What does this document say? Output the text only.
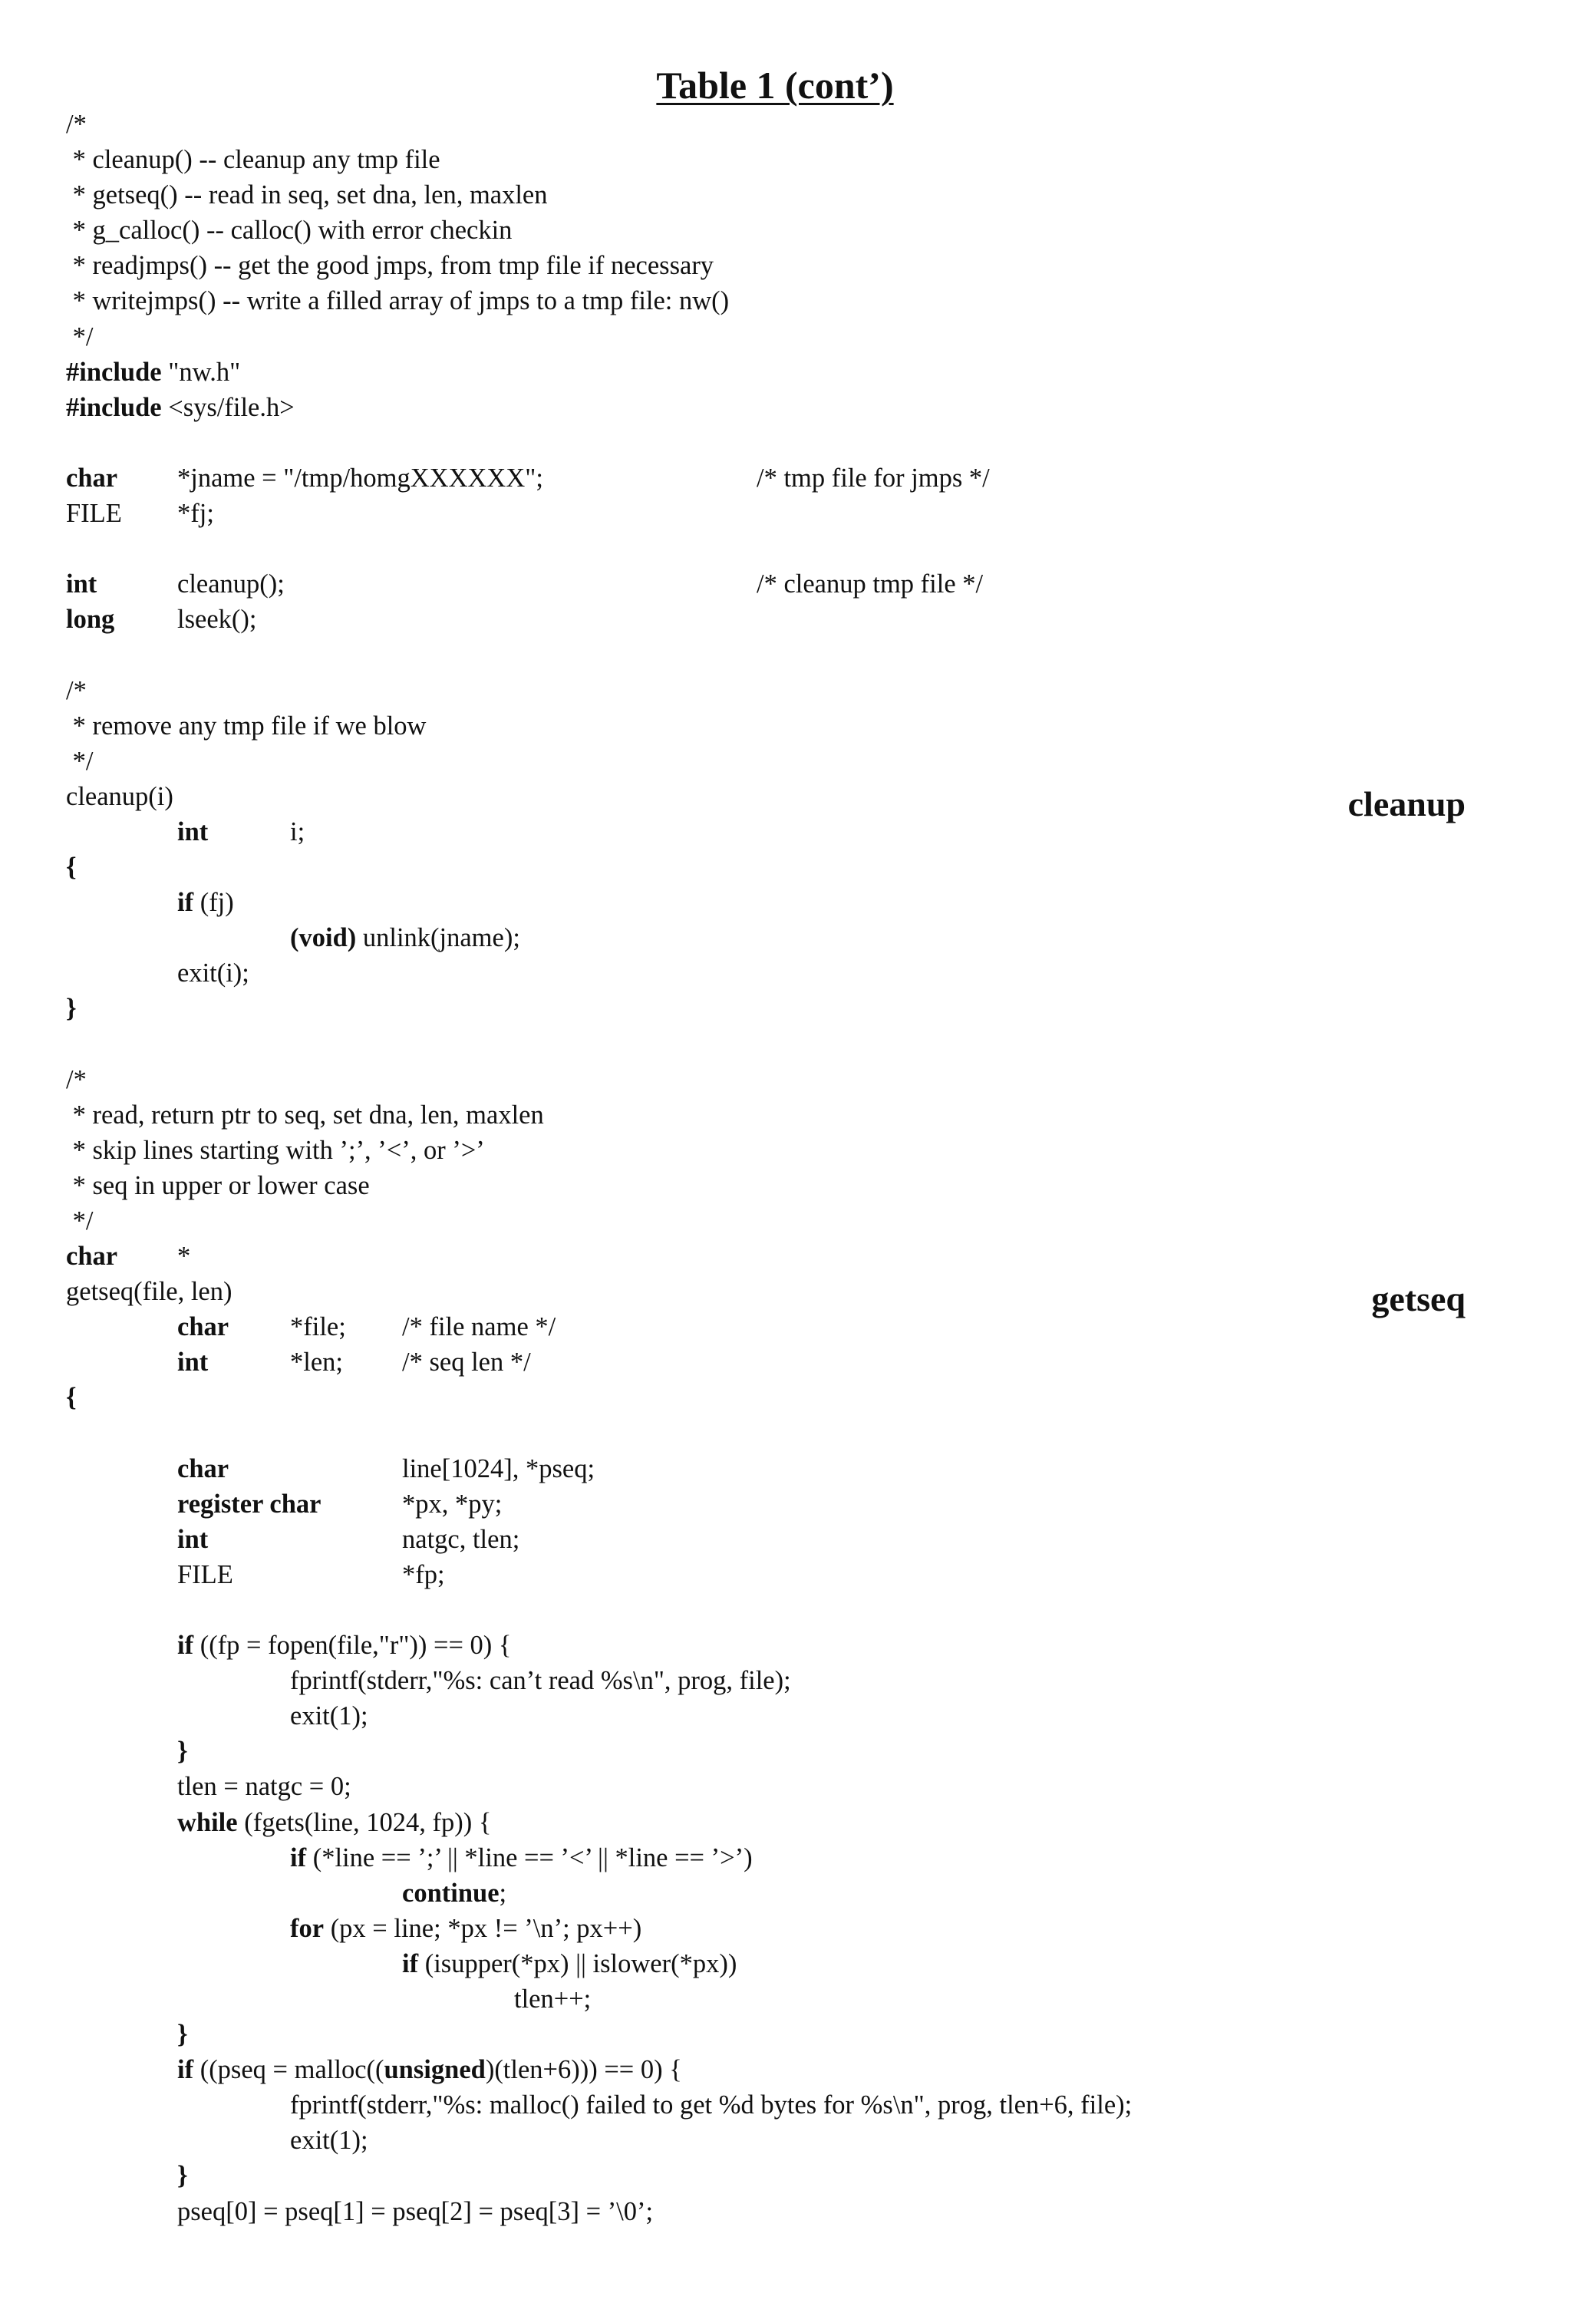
Table 1 (cont’)
/*
* cleanup() -- cleanup any tmp file
* getseq() -- read in seq, set dna, len, maxlen
* g_calloc() -- calloc() with error checkin
* readjmps() -- get the good jmps, from tmp file if necessary
* writejmps() -- write a filled array of jmps to a tmp file: nw()
*/
#include "nw.h"
#include <sys/file.h>
char *jname = "/tmp/homgXXXXXX";	/* tmp file for jmps */
FILE *fj;
int	cleanup();	/* cleanup tmp file */
long lseek();
/*
* remove any tmp file if we blow
*/
cleanup(i)	cleanup
int	i;
{
if (fj)
(void) unlink(jname);
exit(i);
}
/*
* read, return ptr to seq, set dna, len, maxlen
* skip lines starting with ’;’, ’<’, or ’>’
* seq in upper or lower case
*/
char *
getseq(file, len)	getseq
char *file; /* file name */
int	*len; /* seq len */
{
char	line[1024], *pseq;
register char	*px, *py;
int	natgc, tlen;
FILE	*fp;
if ((fp = fopen(file,"r")) == 0) {
fprintf(stderr,"%s: can’t read %s\n", prog, file);
exit(1);
}
tlen = natgc = 0;
while (fgets(line, 1024, fp)) {
if (*line == ’;’ || *line == ’<’ || *line == ’>’)
continue;
for (px = line; *px != ’\n’; px++)
if (isupper(*px) || islower(*px))
tlen++;
}
if ((pseq = malloc((unsigned)(tlen+6))) == 0) {
fprintf(stderr,"%s: malloc() failed to get %d bytes for %s\n", prog, tlen+6, file);
exit(1);
}
pseq[0] = pseq[1] = pseq[2] = pseq[3] = ’\0’;
